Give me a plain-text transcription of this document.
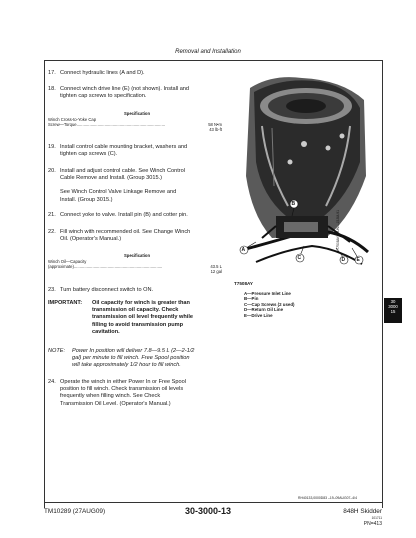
Removal and Installation
17. Connect hydraulic lines (A and D).
18. Connect winch drive line (E) (not shown). Install and
tighten cap screws to specification.
Specification
Winch Cross-to-Yoke Cap
Screw—Torque............................................................................	58 N•m
43 lb-ft
19. Install control cable mounting bracket, washers and
tighten cap screws (C).
20. Install and adjust control cable. See Winch Control
Cable Remove and Install. (Group 3015.)
See Winch Control Valve Linkage Remove and
Install. (Group 3015.)
21. Connect yoke to valve. Install pin (B) and cotter pin.
22. Fill winch with recommended oil. See Change Winch
Oil. (Operator's Manual.)
Specification
Winch Oil—Capacity
(approximate)............................................................................	43.5 L
12 gal
23. Turn battery disconnect switch to ON.
IMPORTANT: Oil capacity for winch is greater than
transmission oil capacity. Check
transmission oil level frequently while
filling to avoid transmission pump
cavitation.
NOTE: Power In position will deliver 7.8—9.5 L (2—2-1/2
gal) per minute to fill winch. Free Spool position
will take approximately 1/2 hour to fill winch.
24. Operate the winch in either Power In or Free Spool
position to fill winch. Check transmission oil levels
frequently when filling winch. See Check
Transmission Oil Level. (Operator's Manual.)
B
A
C	D E
T7508AY
T7508AY —UN—15JUL91
A—Pressure Inlet Line
B—Pin
C—Cap Screws (2 used)
D—Return Oil Line
E—Drive Line
30
3000
15
RH40133,0000D83 –19–09AUG07–4/4
TM10289 (27AUG09)	30-3000-13	848H Skidder
101711
PN=413
